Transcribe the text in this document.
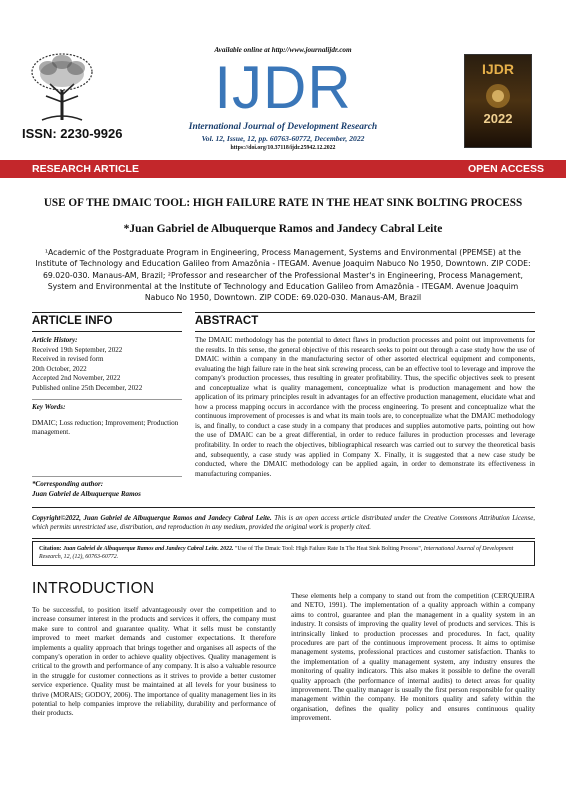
Available online at http://www.journalijdr.com
ISSN: 2230-9926
IJDR
International Journal of Development Research
Vol. 12, Issue, 12, pp. 60763-60772, December, 2022
https://doi.org/10.37118/ijdr.25942.12.2022
IJDR
2022
RESEARCH ARTICLE	OPEN ACCESS
USE OF THE DMAIC TOOL: HIGH FAILURE RATE IN THE HEAT SINK BOLTING PROCESS
*Juan Gabriel de Albuquerque Ramos and Jandecy Cabral Leite
¹Academic of the Postgraduate Program in Engineering, Process Management, Systems and Environmental (PPEMSE) at the Institute of Technology and Education Galileo from Amazônia - ITEGAM. Avenue Joaquim Nabuco No 1950, Downtown. ZIP CODE: 69.020-030. Manaus-AM, Brazil; ²Professor and researcher of the Professional Master's in Engineering, Process Management, System and Environmental at the Institute of Technology and Education Galileo from Amazônia - ITEGAM. Avenue Joaquim Nabuco No 1950, Downtown. ZIP CODE: 69.020-030. Manaus-AM, Brazil
ARTICLE INFO	ABSTRACT
Article History:
Received 19th September, 2022
Received in revised form
20th October, 2022
Accepted 2nd November, 2022
Published online 25th December, 2022
Key Words:
DMAIC; Loss reduction; Improvement; Production management.
*Corresponding author:
Juan Gabriel de Albuquerque Ramos
The DMAIC methodology has the potential to detect flaws in production processes and point out improvements for the results. In this sense, the general objective of this research seeks to point out through a case study how the use of DMAIC within a company in the manufacturing sector of other assorted electrical equipment and components, evaluating the high failure rate in the heat sink screwing process, can be an effective tool to leverage and improve the company's production processes, thus resulting in greater profitability. Thus, the specific objectives seek to present and conceptualize what is quality management, conceptualize what is production management and how the application of its primary principles result in advantages for an effective production management, elucidate what and how a process mapping occurs in accordance with the process engineering. To present and conceptualize what the continuous improvement of processes is and what its main tools are, to conceptualize what the DMAIC methodology is, and finally, to conduct a case study in a company that produces and supplies automotive parts, pointing out how the use of DMAIC can be a great differential, in order to reduce failures in production processes and leverage profitability. In order to reach the objectives, bibliographical research was carried out to survey the theoretical basis and, subsequently, a case study was applied in Company X. Finally, it is suggested that a new case study be conducted, where the DMAIC methodology can be applied again, in order to demonstrate its effectiveness in manufacturing companies.
Copyright©2022, Juan Gabriel de Albuquerque Ramos and Jandecy Cabral Leite. This is an open access article distributed under the Creative Commons Attribution License, which permits unrestricted use, distribution, and reproduction in any medium, provided the original work is properly cited.
Citation: Juan Gabriel de Albuquerque Ramos and Jandecy Cabral Leite. 2022. "Use of The Dmaic Tool: High Failure Rate In The Heat Sink Bolting Process", International Journal of Development Research, 12, (12), 60763-60772.
INTRODUCTION
To be successful, to position itself advantageously over the competition and to increase consumer interest in the products and services it offers, the company must make sure to control and guarantee quality. What it sells must be constantly improved to meet market demands and customer expectations. It therefore implements a quality approach that brings together and organises all aspects of the company's operation in order to achieve quality objectives. Quality management is critical to the growth and performance of any company. It is also a valuable resource in the struggle for customer connections as it strives to provide a better customer service experience. Quality must be maintained at all levels for your business to thrive (MORAIS; GODOY, 2006). The importance of quality management lies in its potential to help companies improve the reliability, durability and performance of their products.
These elements help a company to stand out from the competition (CERQUEIRA and NETO, 1991). The implementation of a quality approach within a company aims to control, guarantee and plan the management in a quality system in an industry. It consists of improving the quality level of products and services. This is intrinsically linked to production processes and procedures. In fact, quality procedures are part of the continuous improvement process. It aims to optimise management systems, professional practices and customer satisfaction. Thanks to the implementation of a quality management system, any industry ensures the monitoring of quality indicators. This also makes it possible to define the overall quality approach (the performance of internal audits) to detect areas for quality improvement. The quality manager is usually the first person responsible for quality management within the company. He monitors quality and safety within the organisation, defines the quality policy and ensures continuous quality improvement.
